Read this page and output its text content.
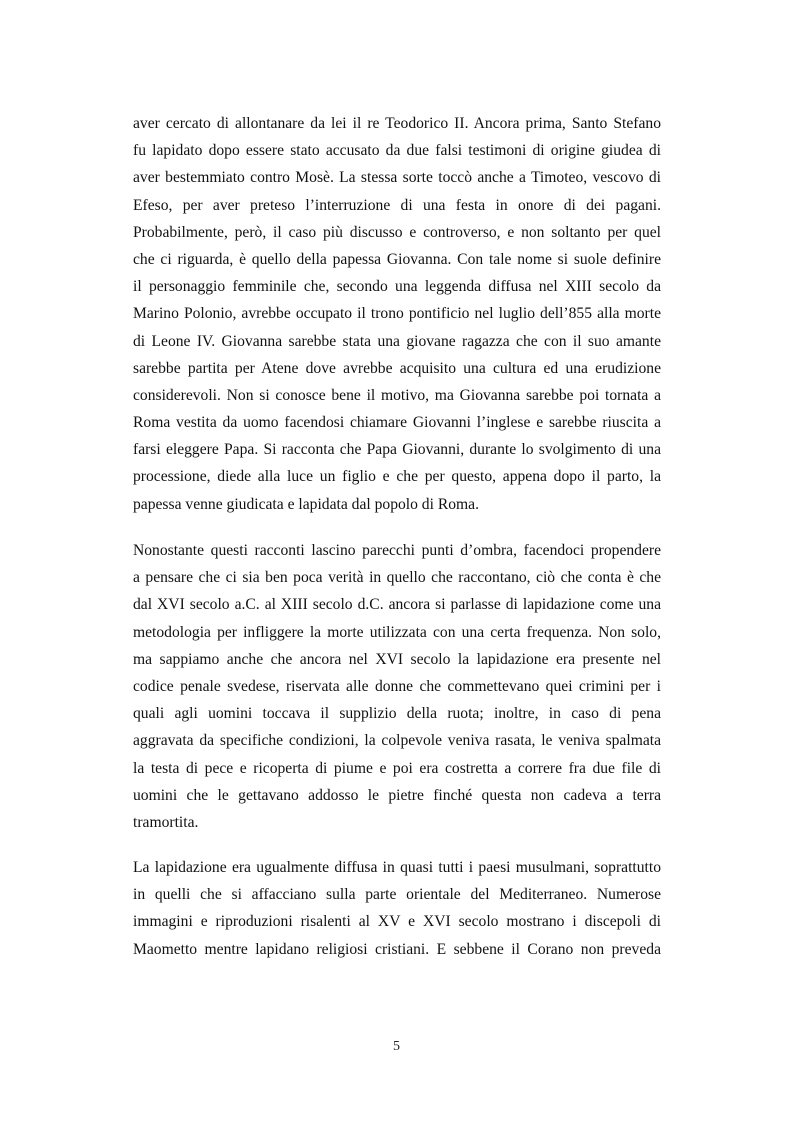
aver cercato di allontanare da lei il re Teodorico II. Ancora prima, Santo Stefano
fu lapidato dopo essere stato accusato da due falsi testimoni di origine giudea di
aver bestemmiato contro Mosè. La stessa sorte toccò anche a Timoteo, vescovo di
Efeso, per aver preteso l’interruzione di una festa in onore di dei pagani.
Probabilmente, però, il caso più discusso e controverso, e non soltanto per quel
che ci riguarda, è quello della papessa Giovanna. Con tale nome si suole definire
il personaggio femminile che, secondo una leggenda diffusa nel XIII secolo da
Marino Polonio, avrebbe occupato il trono pontificio nel luglio dell’855 alla morte
di Leone IV. Giovanna sarebbe stata una giovane ragazza che con il suo amante
sarebbe partita per Atene dove avrebbe acquisito una cultura ed una erudizione
considerevoli. Non si conosce bene il motivo, ma Giovanna sarebbe poi tornata a
Roma vestita da uomo facendosi chiamare Giovanni l’inglese e sarebbe riuscita a
farsi eleggere Papa. Si racconta che Papa Giovanni, durante lo svolgimento di una
processione, diede alla luce un figlio e che per questo, appena dopo il parto, la
papessa venne giudicata e lapidata dal popolo di Roma.
Nonostante questi racconti lascino parecchi punti d’ombra, facendoci propendere
a pensare che ci sia ben poca verità in quello che raccontano, ciò che conta è che
dal XVI secolo a.C. al XIII secolo d.C. ancora si parlasse di lapidazione come una
metodologia per infliggere la morte utilizzata con una certa frequenza. Non solo,
ma sappiamo anche che ancora nel XVI secolo la lapidazione era presente nel
codice penale svedese, riservata alle donne che commettevano quei crimini per i
quali agli uomini toccava il supplizio della ruota; inoltre, in caso di pena
aggravata da specifiche condizioni, la colpevole veniva rasata, le veniva spalmata
la testa di pece e ricoperta di piume e poi era costretta a correre fra due file di
uomini che le gettavano addosso le pietre finché questa non cadeva a terra
tramortita.
La lapidazione era ugualmente diffusa in quasi tutti i paesi musulmani, soprattutto
in quelli che si affacciano sulla parte orientale del Mediterraneo. Numerose
immagini e riproduzioni risalenti al XV e XVI secolo mostrano i discepoli di
Maometto mentre lapidano religiosi cristiani. E sebbene il Corano non preveda
5
